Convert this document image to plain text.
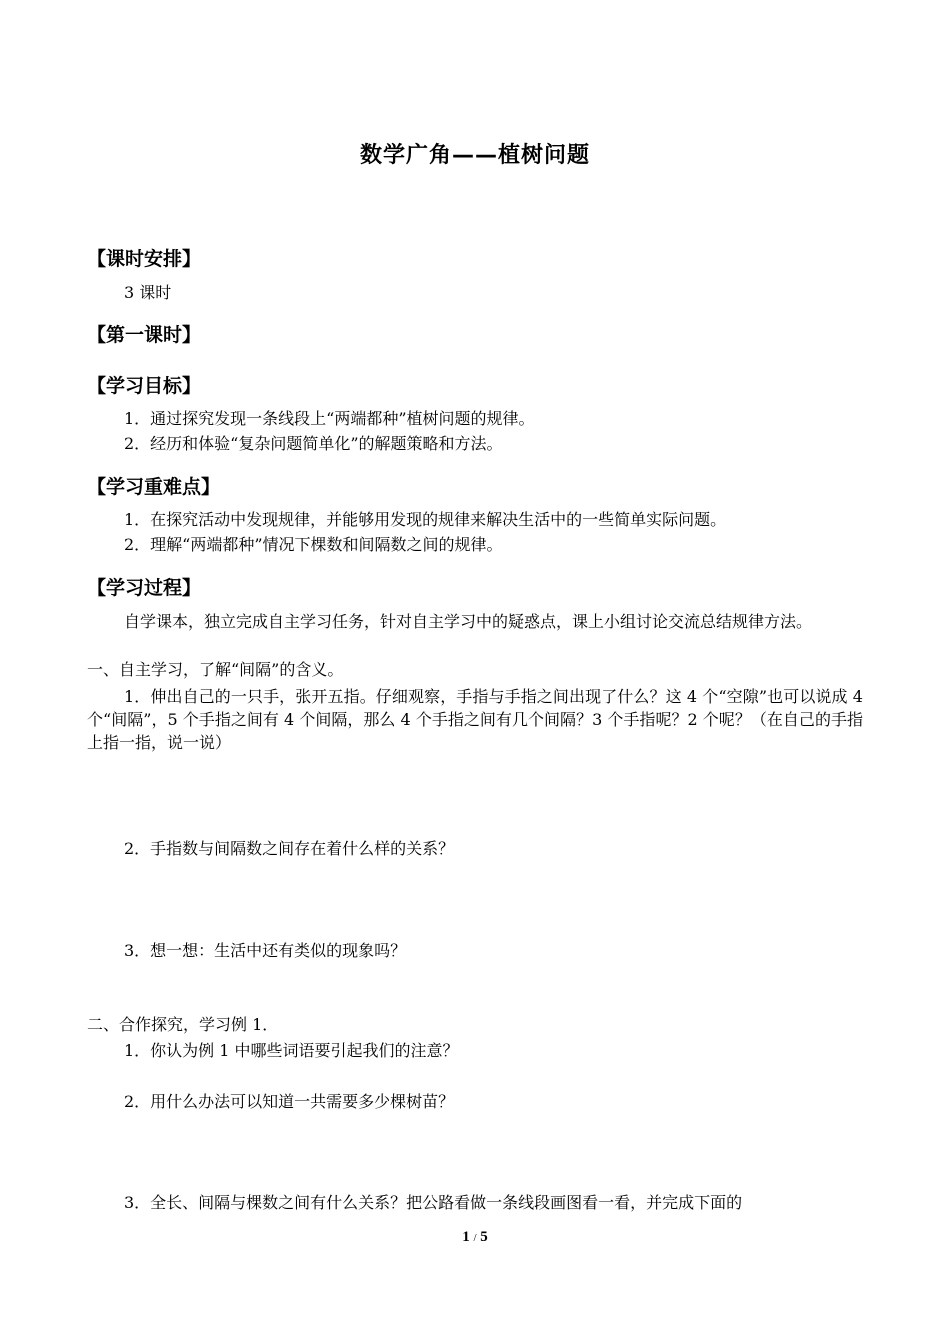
数学广角——植树问题
【课时安排】
3 课时
【第一课时】
【学习目标】
1．通过探究发现一条线段上“两端都种”植树问题的规律。
2．经历和体验“复杂问题简单化”的解题策略和方法。
【学习重难点】
1．在探究活动中发现规律，并能够用发现的规律来解决生活中的一些简单实际问题。
2．理解“两端都种”情况下棵数和间隔数之间的规律。
【学习过程】
自学课本，独立完成自主学习任务，针对自主学习中的疑惑点，课上小组讨论交流总结规律方法。
一、自主学习，了解“间隔”的含义。
1．伸出自己的一只手，张开五指。仔细观察，手指与手指之间出现了什么？这 4 个“空隙”也可以说成 4 个“间隔”，5 个手指之间有 4 个间隔，那么 4 个手指之间有几个间隔？3 个手指呢？2 个呢？（在自己的手指上指一指，说一说）
2．手指数与间隔数之间存在着什么样的关系？
3．想一想：生活中还有类似的现象吗？
二、合作探究，学习例 1．
1．你认为例 1 中哪些词语要引起我们的注意？
2．用什么办法可以知道一共需要多少棵树苗？
3．全长、间隔与棵数之间有什么关系？把公路看做一条线段画图看一看，并完成下面的
1 / 5
